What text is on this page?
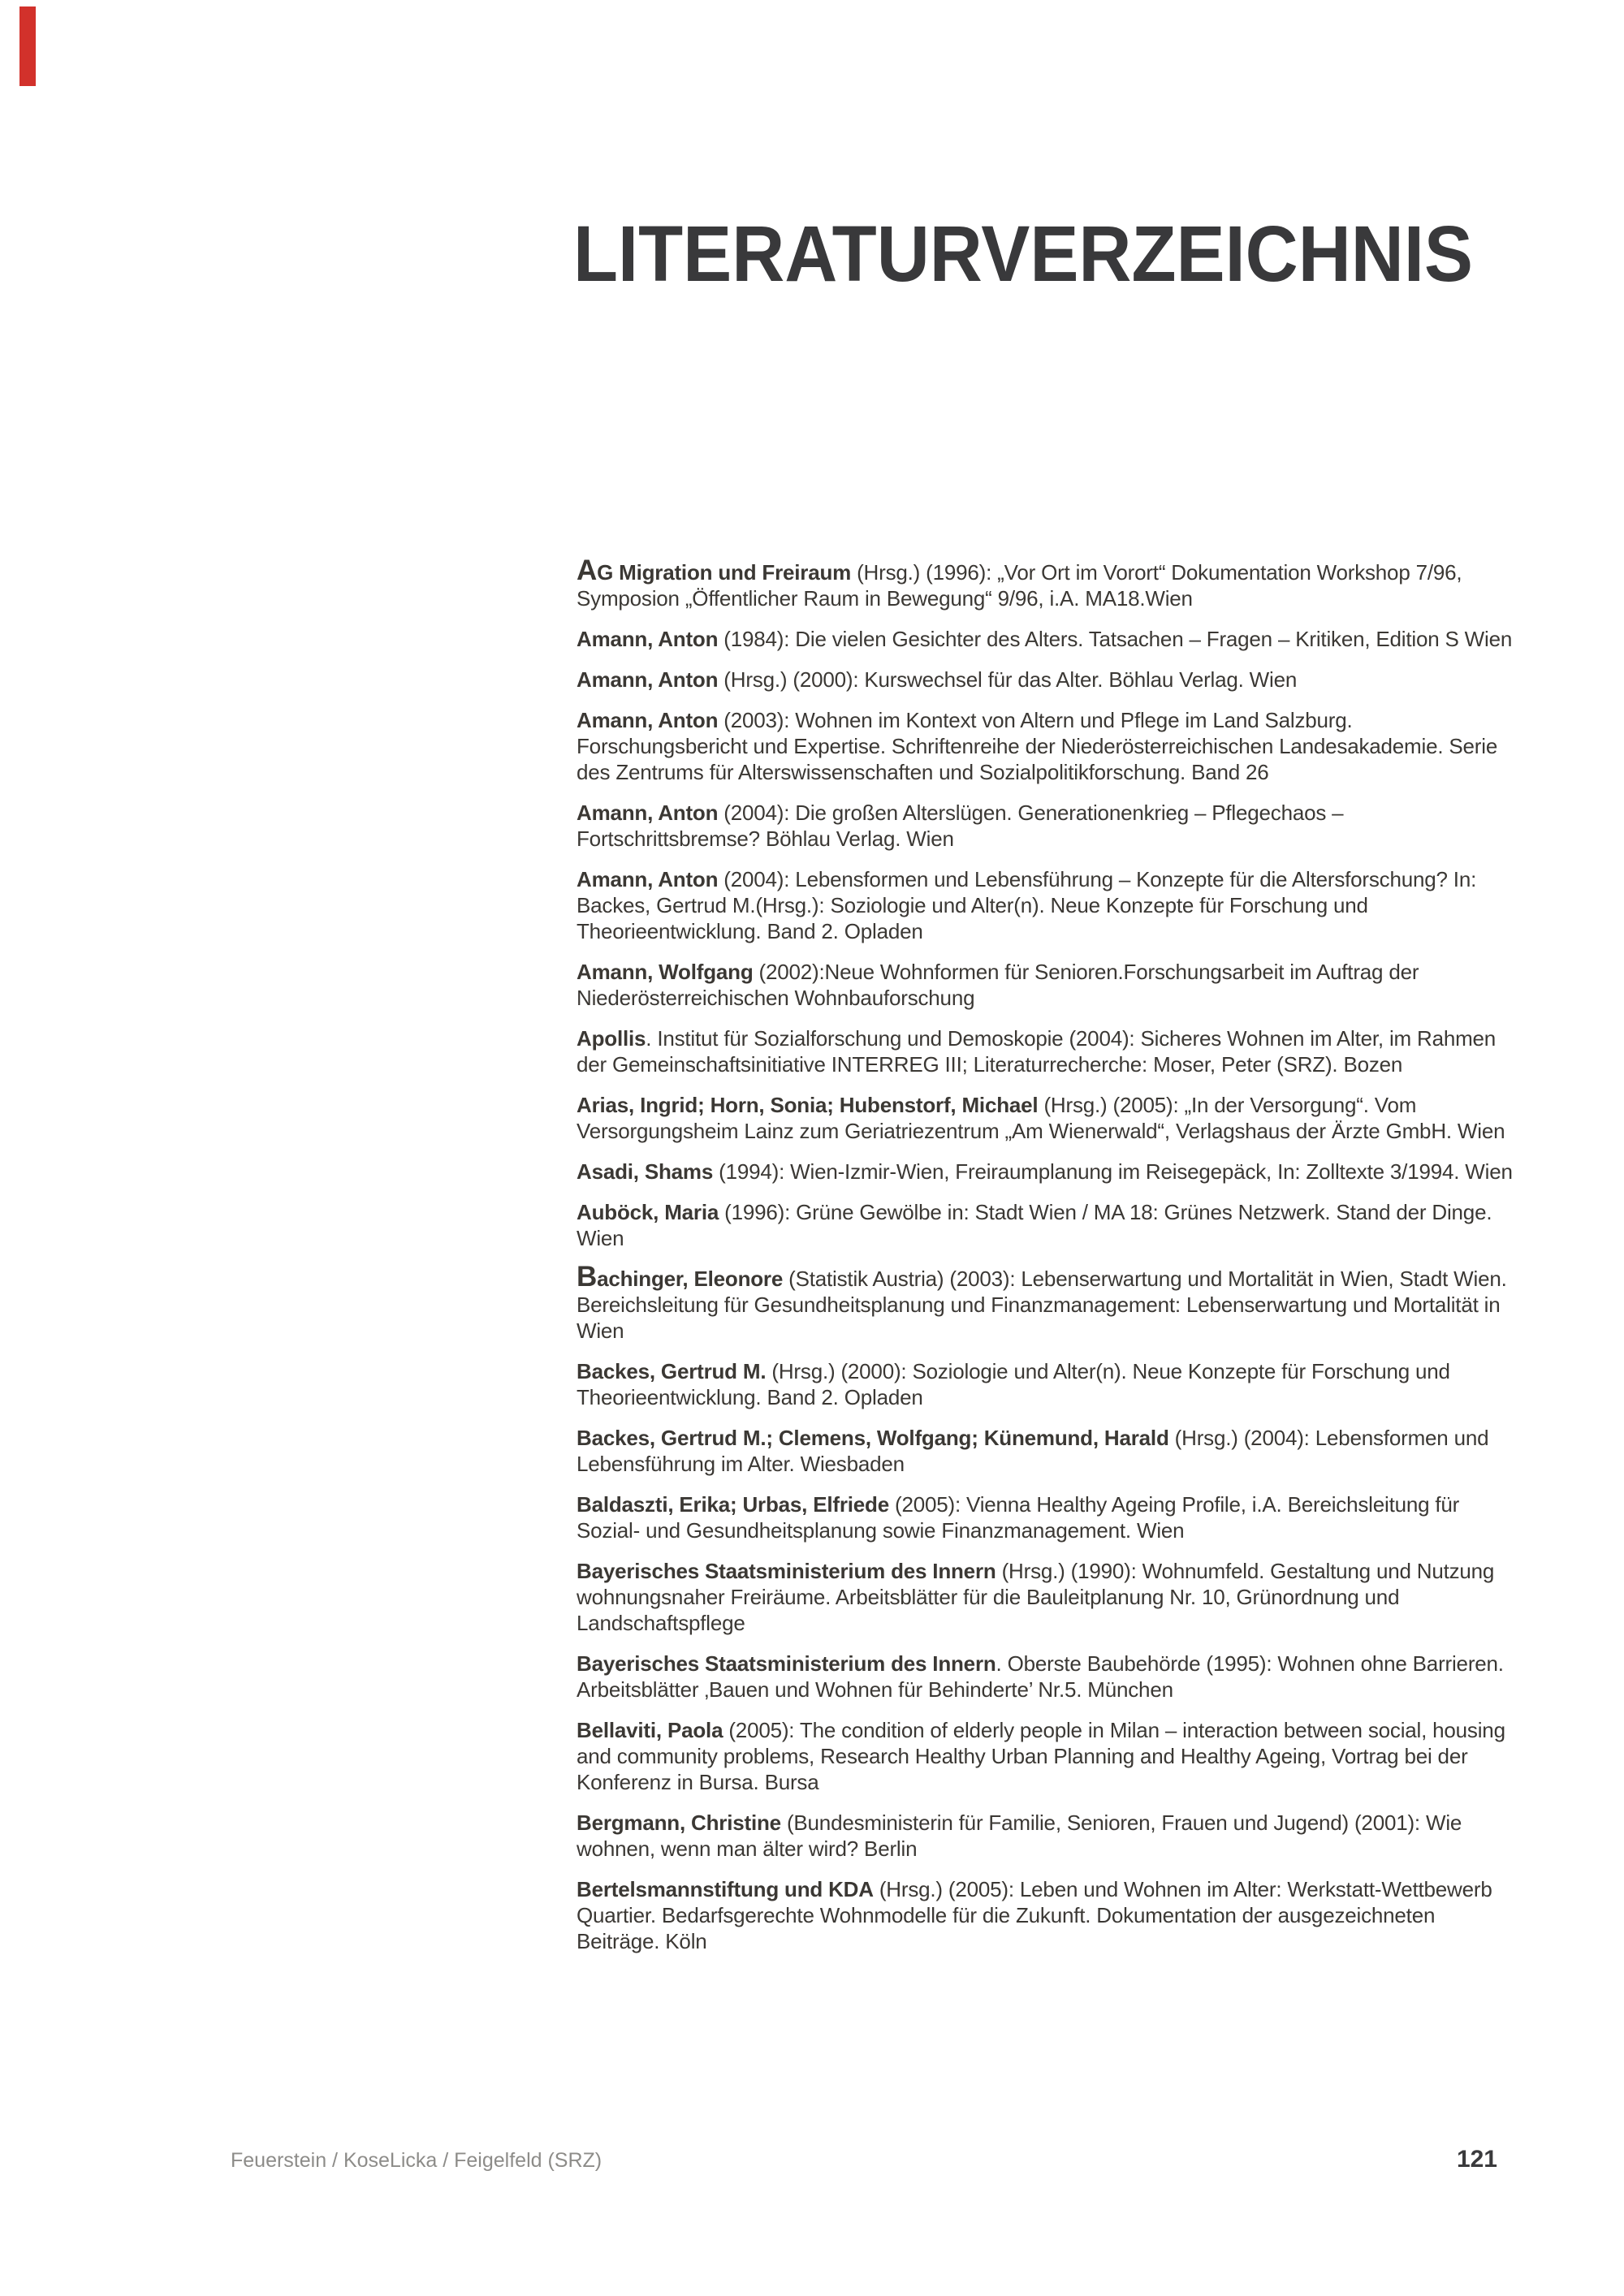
LITERATURVERZEICHNIS

AG Migration und Freiraum (Hrsg.) (1996): „Vor Ort im Vorort“ Dokumentation Workshop 7/96, Symposion „Öffentlicher Raum in Bewegung“ 9/96, i.A. MA18.Wien

Amann, Anton (1984): Die vielen Gesichter des Alters. Tatsachen – Fragen – Kritiken, Edition S Wien

Amann, Anton (Hrsg.) (2000): Kurswechsel für das Alter. Böhlau Verlag. Wien

Amann, Anton (2003): Wohnen im Kontext von Altern und Pflege im Land Salzburg. Forschungsbericht und Expertise. Schriftenreihe der Niederösterreichischen Landesakademie. Serie des Zentrums für Alterswissenschaften und Sozialpolitikforschung. Band 26

Amann, Anton (2004): Die großen Alterslügen. Generationenkrieg – Pflegechaos – Fortschrittsbremse? Böhlau Verlag. Wien

Amann, Anton (2004): Lebensformen und Lebensführung – Konzepte für die Altersforschung? In: Backes, Gertrud M.(Hrsg.): Soziologie und Alter(n). Neue Konzepte für Forschung und Theorieentwicklung. Band 2. Opladen

Amann, Wolfgang (2002):Neue Wohnformen für Senioren.Forschungsarbeit im Auftrag der Niederösterreichischen Wohnbauforschung

Apollis. Institut für Sozialforschung und Demoskopie (2004): Sicheres Wohnen im Alter, im Rahmen der Gemeinschaftsinitiative INTERREG III; Literaturrecherche: Moser, Peter (SRZ). Bozen

Arias, Ingrid; Horn, Sonia; Hubenstorf, Michael (Hrsg.) (2005): „In der Versorgung“. Vom Versorgungsheim Lainz zum Geriatriezentrum „Am Wienerwald“, Verlagshaus der Ärzte GmbH. Wien

Asadi, Shams (1994): Wien-Izmir-Wien, Freiraumplanung im Reisegepäck, In: Zolltexte 3/1994. Wien

Auböck, Maria (1996): Grüne Gewölbe in: Stadt Wien / MA 18: Grünes Netzwerk. Stand der Dinge. Wien

Bachinger, Eleonore (Statistik Austria) (2003): Lebenserwartung und Mortalität in Wien, Stadt Wien. Bereichsleitung für Gesundheitsplanung und Finanzmanagement: Lebenserwartung und Mortalität in Wien

Backes, Gertrud M. (Hrsg.) (2000): Soziologie und Alter(n). Neue Konzepte für Forschung und Theorieentwicklung. Band 2. Opladen

Backes, Gertrud M.; Clemens, Wolfgang; Künemund, Harald (Hrsg.) (2004): Lebensformen und Lebensführung im Alter. Wiesbaden

Baldaszti, Erika; Urbas, Elfriede (2005): Vienna Healthy Ageing Profile, i.A. Bereichsleitung für Sozial- und Gesundheitsplanung sowie Finanzmanagement. Wien

Bayerisches Staatsministerium des Innern (Hrsg.) (1990): Wohnumfeld. Gestaltung und Nutzung wohnungsnaher Freiräume. Arbeitsblätter für die Bauleitplanung Nr. 10, Grünordnung und Landschaftspflege

Bayerisches Staatsministerium des Innern. Oberste Baubehörde (1995): Wohnen ohne Barrieren. Arbeitsblätter ‚Bauen und Wohnen für Behinderte’ Nr.5. München

Bellaviti, Paola (2005): The condition of elderly people in Milan – interaction between social, housing and community problems, Research Healthy Urban Planning and Healthy Ageing, Vortrag bei der Konferenz in Bursa. Bursa

Bergmann, Christine (Bundesministerin für Familie, Senioren, Frauen und Jugend) (2001): Wie wohnen, wenn man älter wird? Berlin

Bertelsmannstiftung und KDA (Hrsg.) (2005): Leben und Wohnen im Alter: Werkstatt-Wettbewerb Quartier. Bedarfsgerechte Wohnmodelle für die Zukunft. Dokumentation der ausgezeichneten Beiträge. Köln

Feuerstein / KoseLicka / Feigelfeld (SRZ)	121
